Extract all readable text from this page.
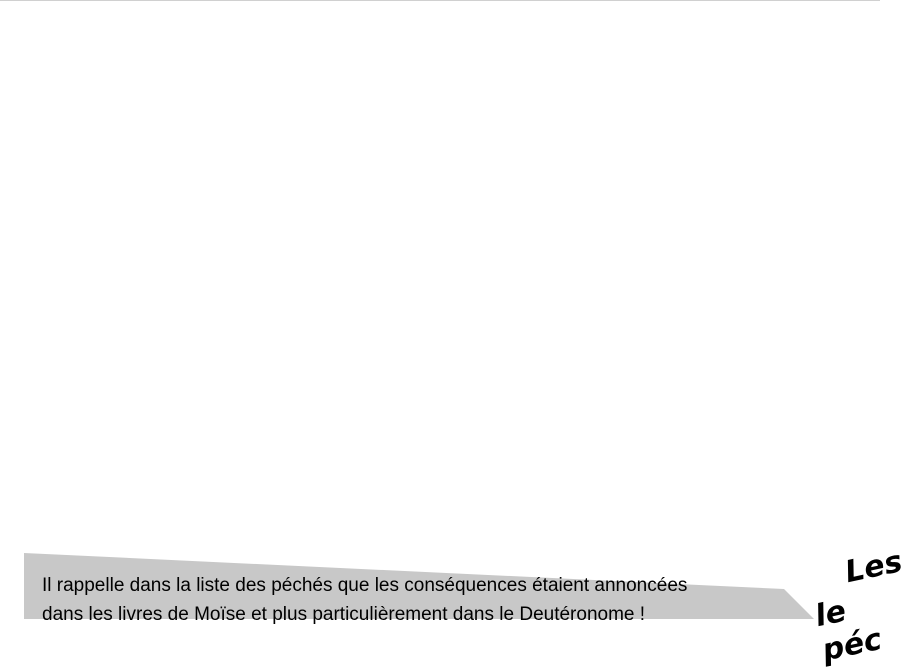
Il rappelle dans la liste des péchés que les conséquences étaient annoncées
dans les livres de Moïse et plus particulièrement dans le Deutéronome !
Les
le péc
